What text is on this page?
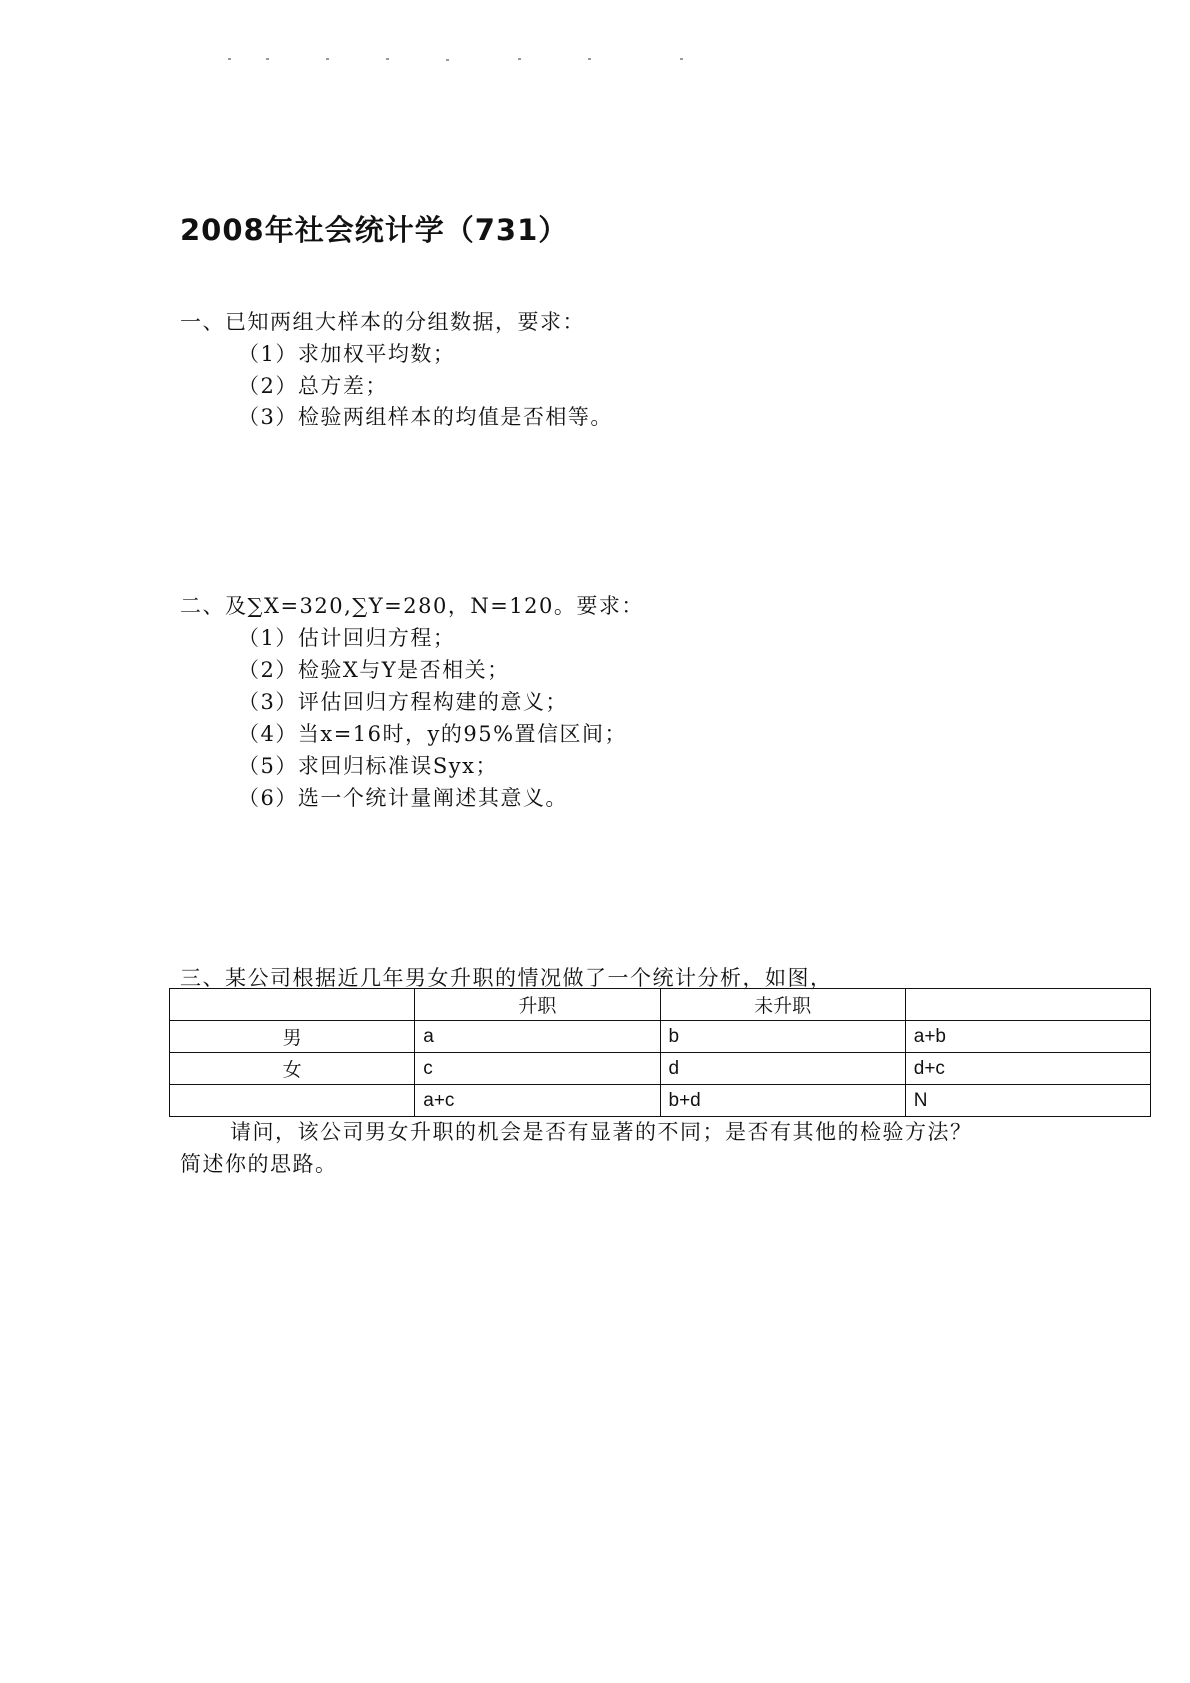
2008年社会统计学（731）
一、已知两组大样本的分组数据，要求：
（1）求加权平均数；
（2）总方差；
（3）检验两组样本的均值是否相等。
二、及∑X=320,∑Y=280，N=120。要求：
（1）估计回归方程；
（2）检验X与Y是否相关；
（3）评估回归方程构建的意义；
（4）当x=16时，y的95%置信区间；
（5）求回归标准误Syx；
（6）选一个统计量阐述其意义。
三、某公司根据近几年男女升职的情况做了一个统计分析，如图，
	升职	未升职	
男	a	b	a+b
女	c	d	d+c
	a+c	b+d	N
请问，该公司男女升职的机会是否有显著的不同；是否有其他的检验方法？
简述你的思路。
